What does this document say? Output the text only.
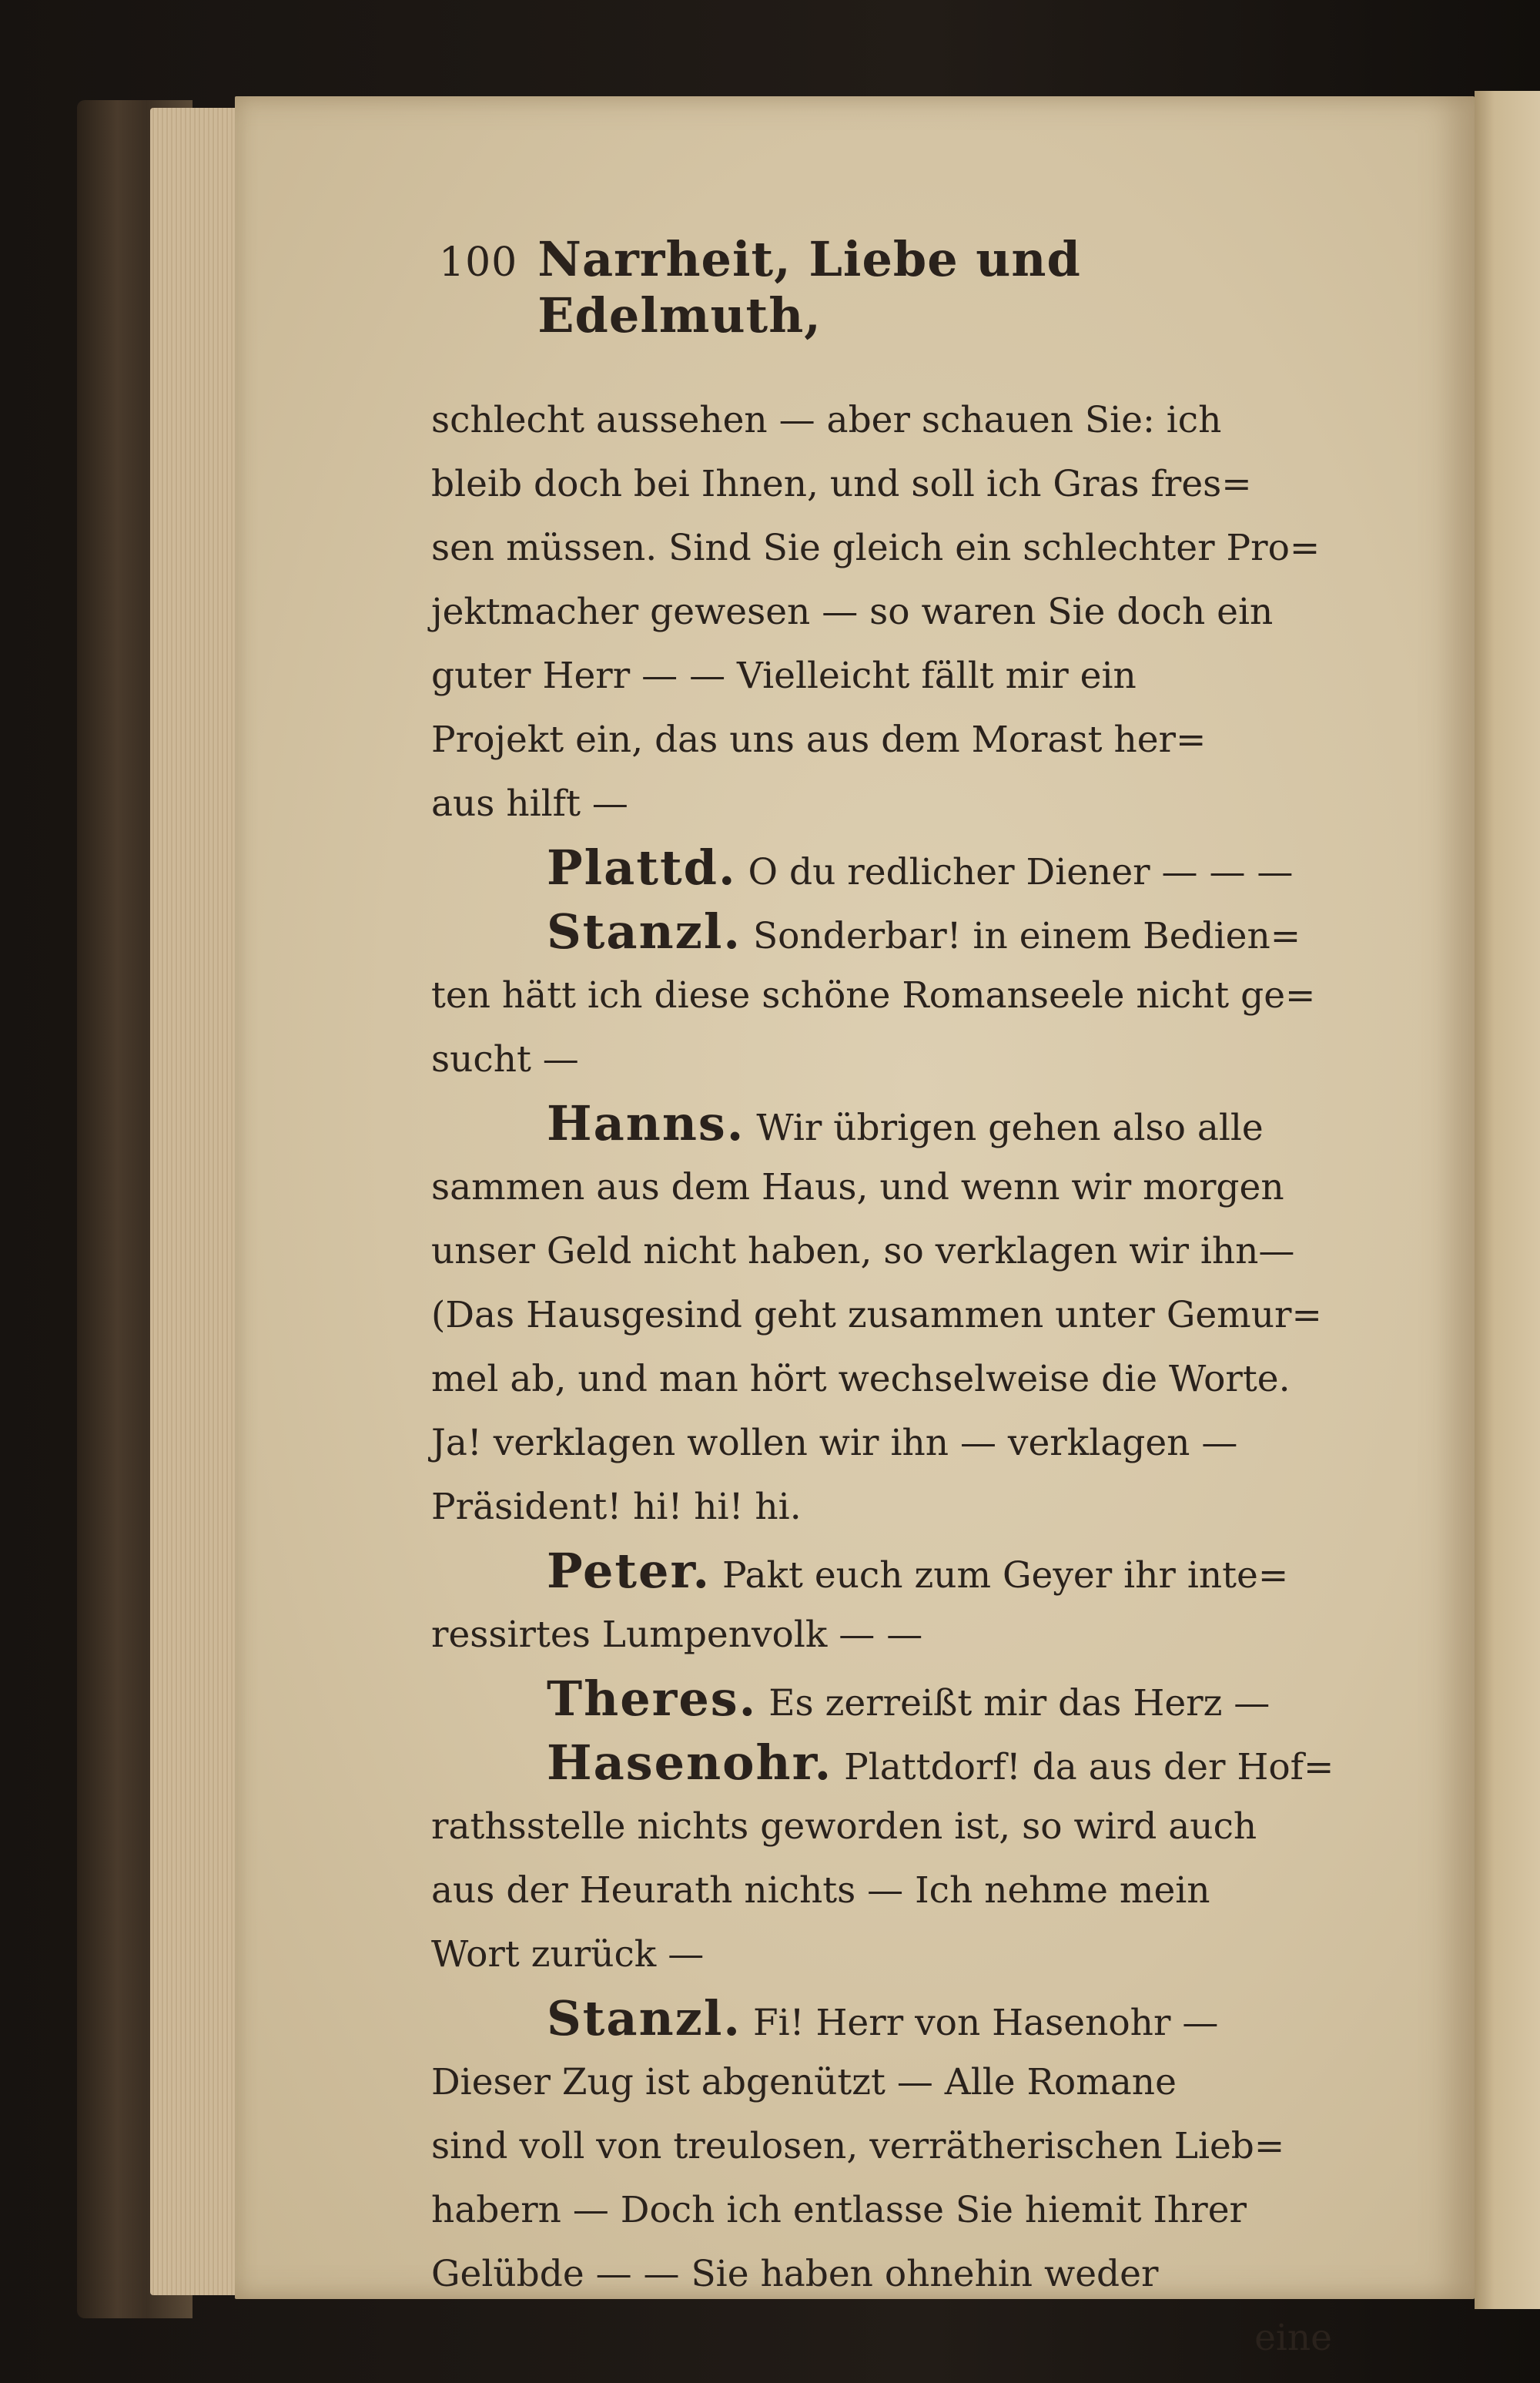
100 Narrheit, Liebe und Edelmuth,
schlecht aussehen — aber schauen Sie: ich
bleib doch bei Ihnen, und soll ich Gras fres=
sen müssen. Sind Sie gleich ein schlechter Pro=
jektmacher gewesen — so waren Sie doch ein
guter Herr — — Vielleicht fällt mir ein
Projekt ein, das uns aus dem Morast her=
aus hilft —
Plattd. O du redlicher Diener — — —
Stanzl. Sonderbar! in einem Bedien=
ten hätt ich diese schöne Romanseele nicht ge=
sucht —
Hanns. Wir übrigen gehen also alle
sammen aus dem Haus, und wenn wir morgen
unser Geld nicht haben, so verklagen wir ihn—
(Das Hausgesind geht zusammen unter Gemur=
mel ab, und man hört wechselweise die Worte.
Ja! verklagen wollen wir ihn — verklagen —
Präsident! hi! hi! hi.
Peter. Pakt euch zum Geyer ihr inte=
ressirtes Lumpenvolk — —
Theres. Es zerreißt mir das Herz —
Hasenohr. Plattdorf! da aus der Hof=
rathsstelle nichts geworden ist, so wird auch
aus der Heurath nichts — Ich nehme mein
Wort zurück —
Stanzl. Fi! Herr von Hasenohr —
Dieser Zug ist abgenützt — Alle Romane
sind voll von treulosen, verrätherischen Lieb=
habern — Doch ich entlasse Sie hiemit Ihrer
Gelübde — — Sie haben ohnehin weder
eine
